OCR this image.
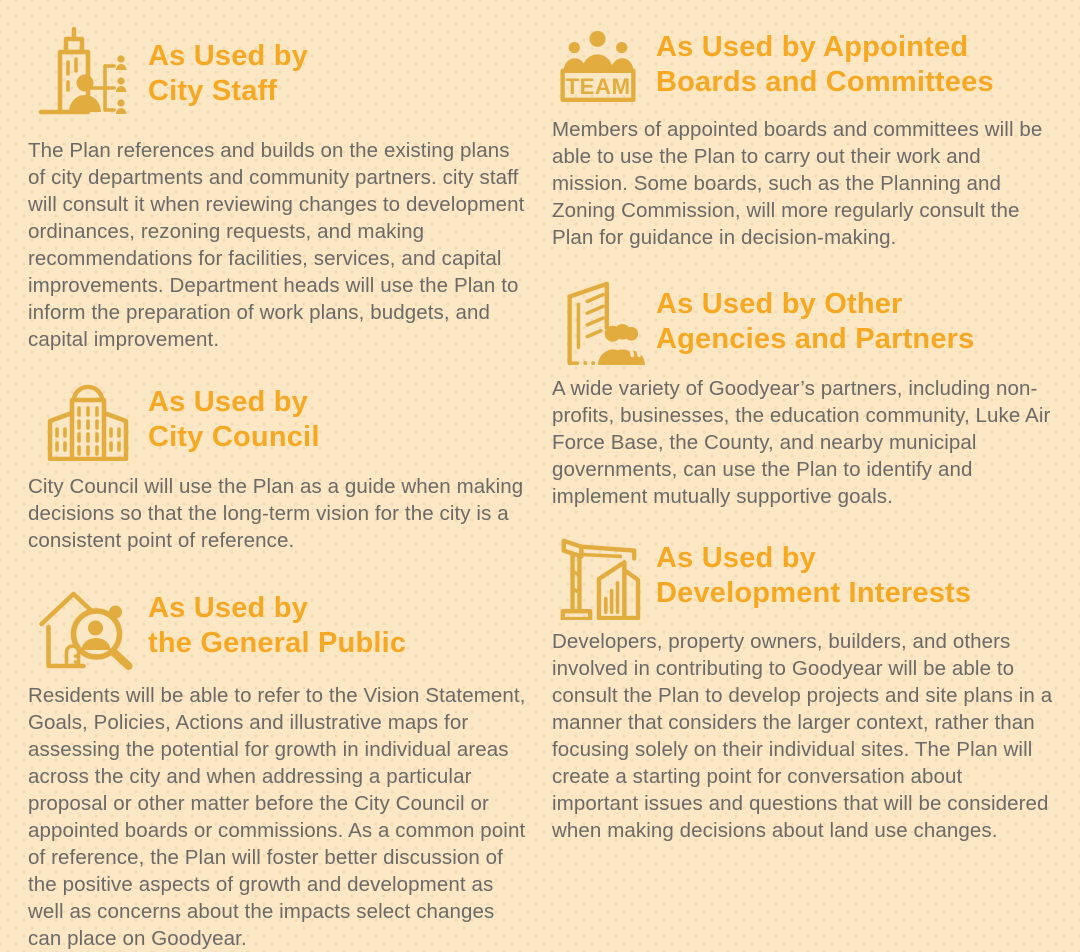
As Used by
City Staff

The Plan references and builds on the existing plans of city departments and community partners. city staff will consult it when reviewing changes to development ordinances, rezoning requests, and making recommendations for facilities, services, and capital improvements. Department heads will use the Plan to inform the preparation of work plans, budgets, and capital improvement.

As Used by
City Council

City Council will use the Plan as a guide when making decisions so that the long-term vision for the city is a consistent point of reference.

As Used by
the General Public

Residents will be able to refer to the Vision Statement, Goals, Policies, Actions and illustrative maps for assessing the potential for growth in individual areas across the city and when addressing a particular proposal or other matter before the City Council or appointed boards or commissions. As a common point of reference, the Plan will foster better discussion of the positive aspects of growth and development as well as concerns about the impacts select changes can place on Goodyear.

TEAM
As Used by Appointed
Boards and Committees

Members of appointed boards and committees will be able to use the Plan to carry out their work and mission. Some boards, such as the Planning and Zoning Commission, will more regularly consult the Plan for guidance in decision-making.

As Used by Other
Agencies and Partners

A wide variety of Goodyear’s partners, including non-profits, businesses, the education community, Luke Air Force Base, the County, and nearby municipal governments, can use the Plan to identify and implement mutually supportive goals.

As Used by
Development Interests

Developers, property owners, builders, and others involved in contributing to Goodyear will be able to consult the Plan to develop projects and site plans in a manner that considers the larger context, rather than focusing solely on their individual sites. The Plan will create a starting point for conversation about important issues and questions that will be considered when making decisions about land use changes.
